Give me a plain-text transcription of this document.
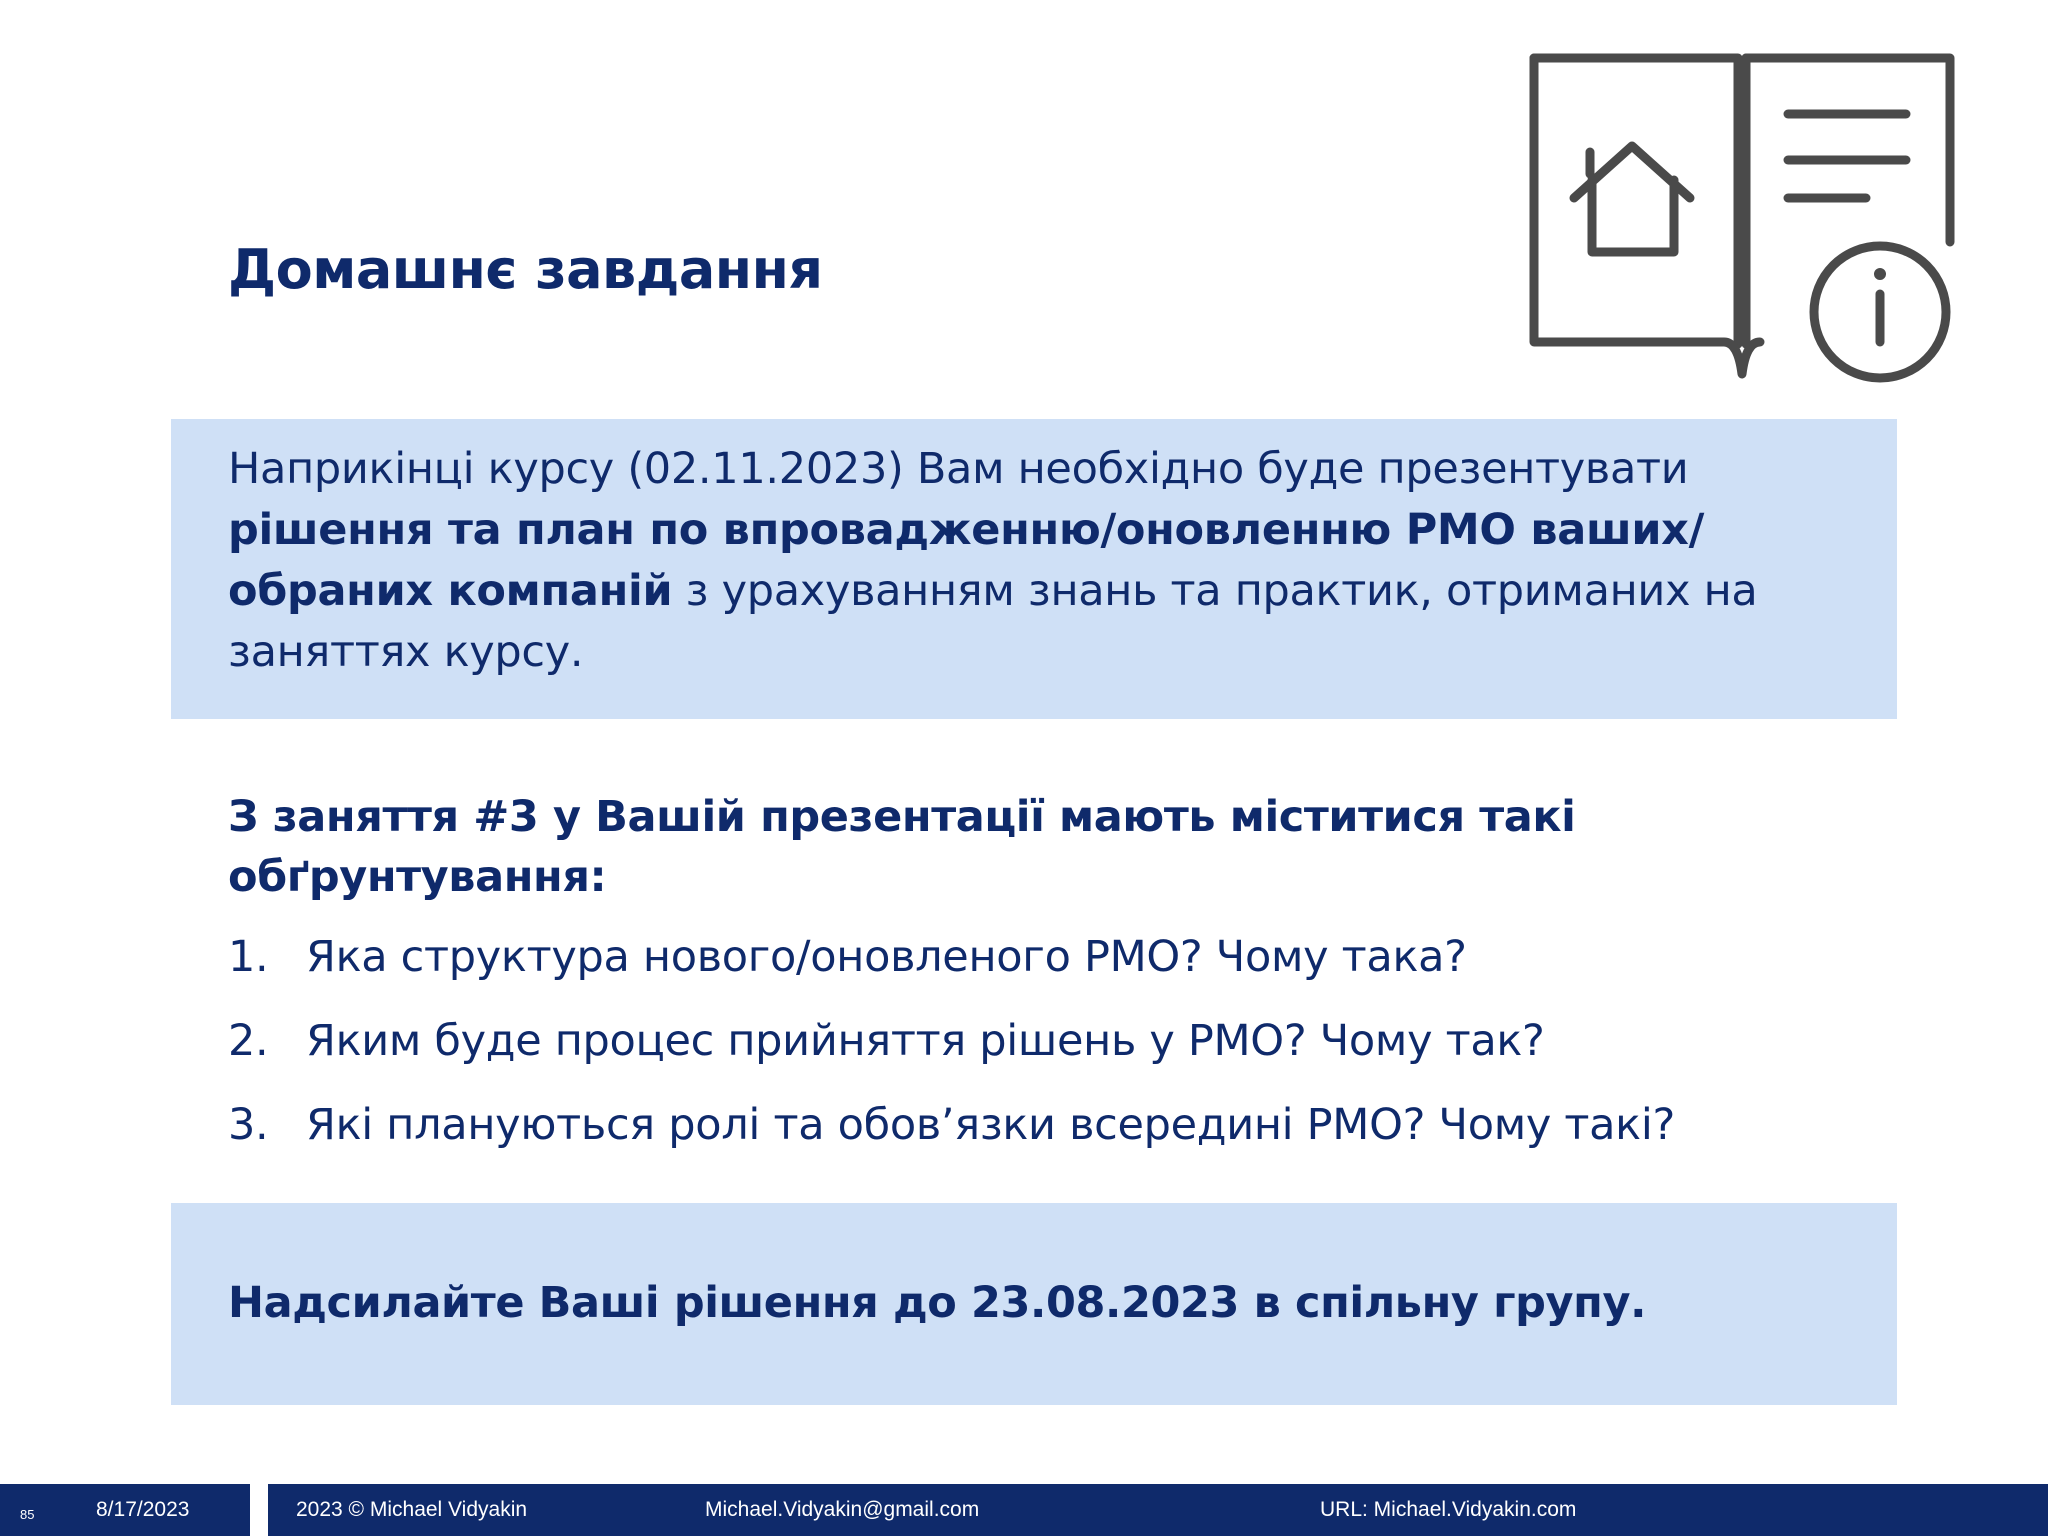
Домашнє завдання
Наприкінці курсу (02.11.2023) Вам необхідно буде презентувати рішення та план по впровадженню/оновленню РМО ваших/обраних компаній з урахуванням знань та практик, отриманих на заняттях курсу.
З заняття #3 у Вашій презентації мають міститися такі обґрунтування:
1. Яка структура нового/оновленого РМО? Чому така?
2. Яким буде процес прийняття рішень у РМО? Чому так?
3. Які плануються ролі та обов’язки всередині РМО? Чому такі?
Надсилайте Ваші рішення до 23.08.2023 в спільну групу.
85	8/17/2023	2023 © Michael Vidyakin	Michael.Vidyakin@gmail.com	URL: Michael.Vidyakin.com
